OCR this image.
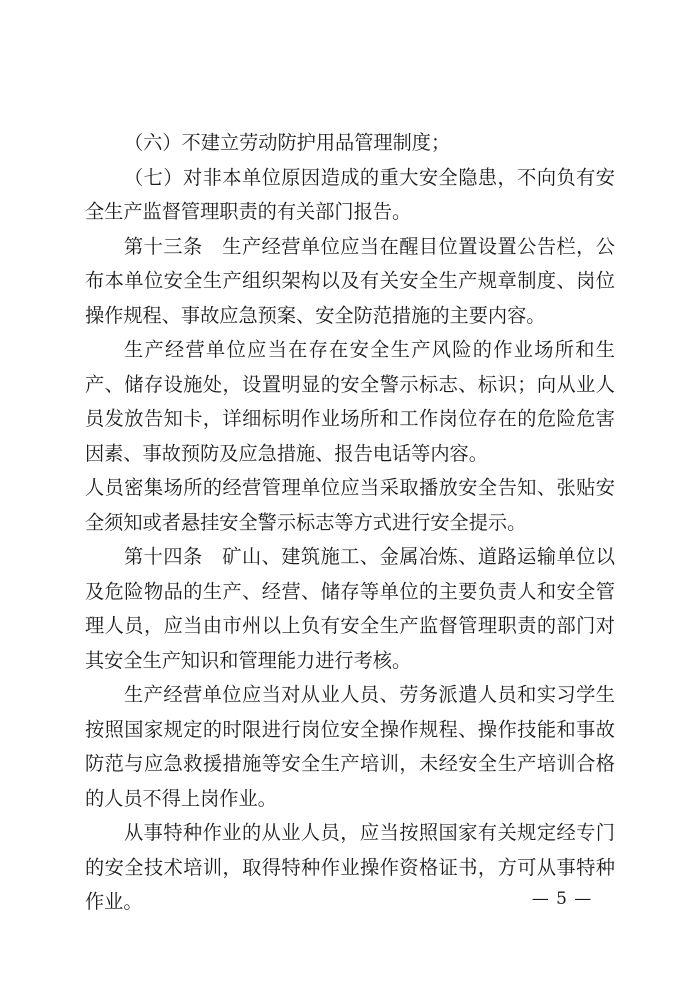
（六）不建立劳动防护用品管理制度；

（七）对非本单位原因造成的重大安全隐患，不向负有安全生产监督管理职责的有关部门报告。

第十三条　生产经营单位应当在醒目位置设置公告栏，公布本单位安全生产组织架构以及有关安全生产规章制度、岗位操作规程、事故应急预案、安全防范措施的主要内容。

生产经营单位应当在存在安全生产风险的作业场所和生产、储存设施处，设置明显的安全警示标志、标识；向从业人员发放告知卡，详细标明作业场所和工作岗位存在的危险危害因素、事故预防及应急措施、报告电话等内容。

人员密集场所的经营管理单位应当采取播放安全告知、张贴安全须知或者悬挂安全警示标志等方式进行安全提示。

第十四条　矿山、建筑施工、金属冶炼、道路运输单位以及危险物品的生产、经营、储存等单位的主要负责人和安全管理人员，应当由市州以上负有安全生产监督管理职责的部门对其安全生产知识和管理能力进行考核。

生产经营单位应当对从业人员、劳务派遣人员和实习学生按照国家规定的时限进行岗位安全操作规程、操作技能和事故防范与应急救援措施等安全生产培训，未经安全生产培训合格的人员不得上岗作业。

从事特种作业的从业人员，应当按照国家有关规定经专门的安全技术培训，取得特种作业操作资格证书，方可从事特种作业。	— 5 —
